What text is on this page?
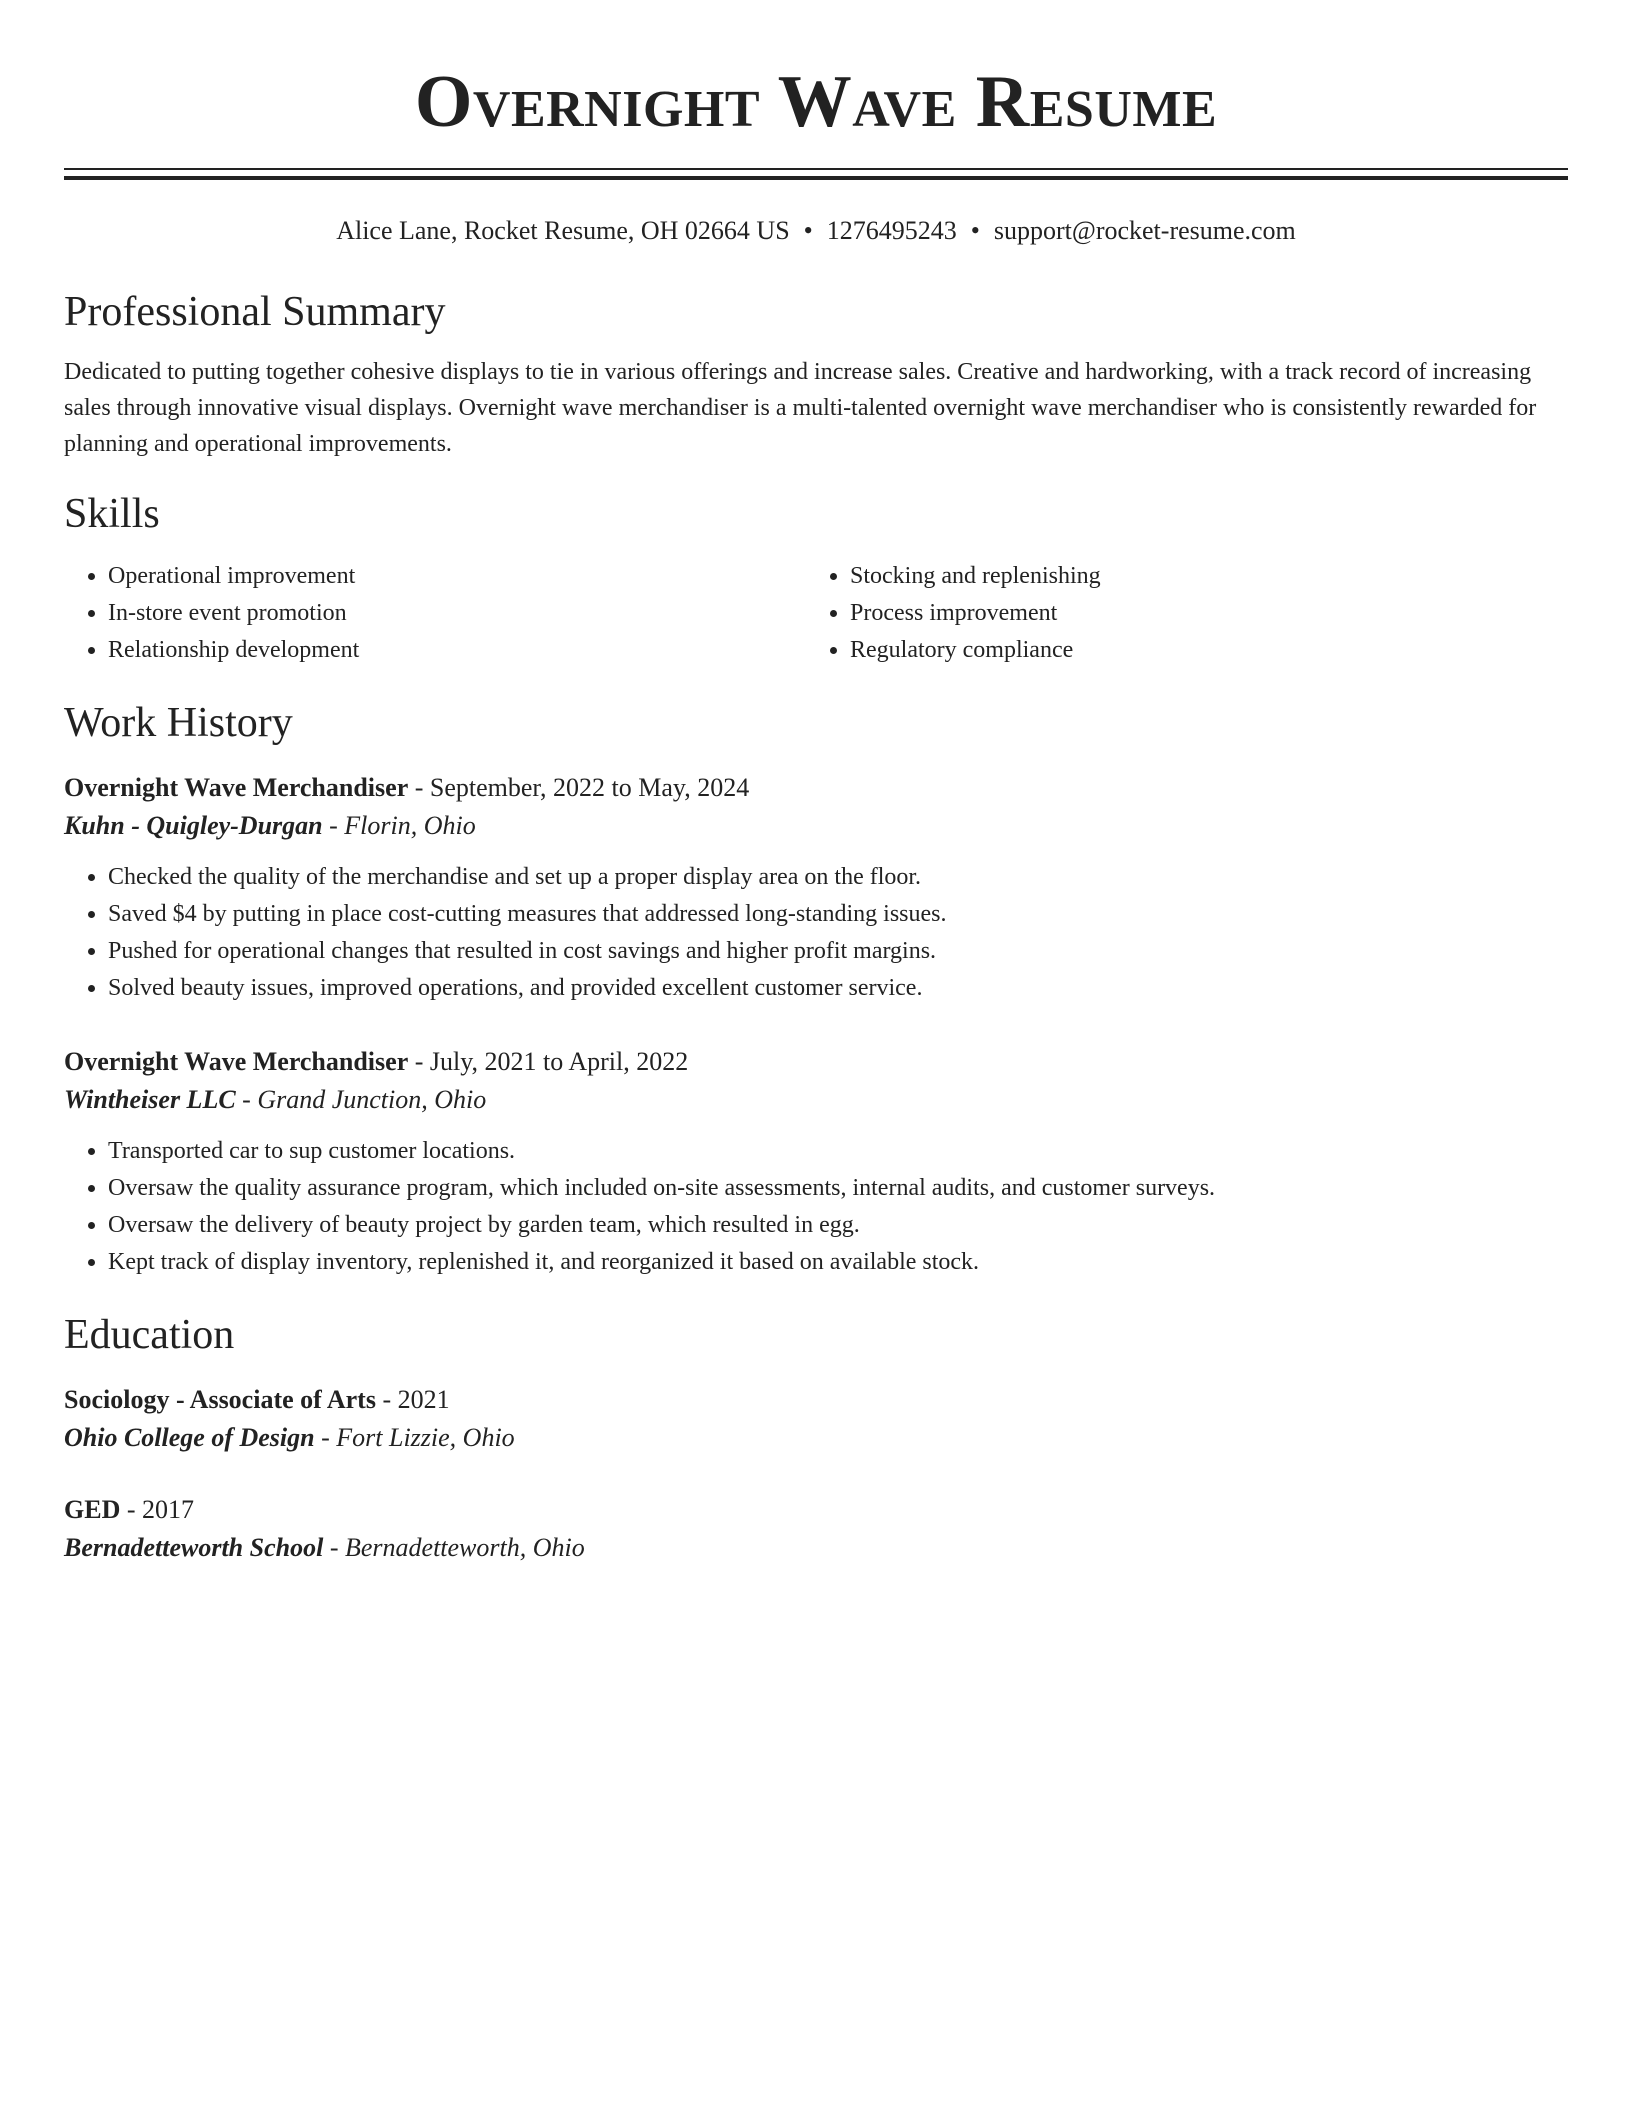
Overnight Wave Resume
Alice Lane, Rocket Resume, OH 02664 US • 1276495243 • support@rocket-resume.com
Professional Summary

Dedicated to putting together cohesive displays to tie in various offerings and increase sales. Creative and hardworking, with a track record of increasing sales through innovative visual displays. Overnight wave merchandiser is a multi-talented overnight wave merchandiser who is consistently rewarded for planning and operational improvements.

Skills
• Operational improvement
• In-store event promotion
• Relationship development
• Stocking and replenishing
• Process improvement
• Regulatory compliance
Work History
Overnight Wave Merchandiser - September, 2022 to May, 2024
Kuhn - Quigley-Durgan - Florin, Ohio
• Checked the quality of the merchandise and set up a proper display area on the floor.
• Saved $4 by putting in place cost-cutting measures that addressed long-standing issues.
• Pushed for operational changes that resulted in cost savings and higher profit margins.
• Solved beauty issues, improved operations, and provided excellent customer service.
Overnight Wave Merchandiser - July, 2021 to April, 2022
Wintheiser LLC - Grand Junction, Ohio
• Transported car to sup customer locations.
• Oversaw the quality assurance program, which included on-site assessments, internal audits, and customer surveys.
• Oversaw the delivery of beauty project by garden team, which resulted in egg.
• Kept track of display inventory, replenished it, and reorganized it based on available stock.
Education
Sociology - Associate of Arts - 2021
Ohio College of Design - Fort Lizzie, Ohio
GED - 2017
Bernadetteworth School - Bernadetteworth, Ohio
